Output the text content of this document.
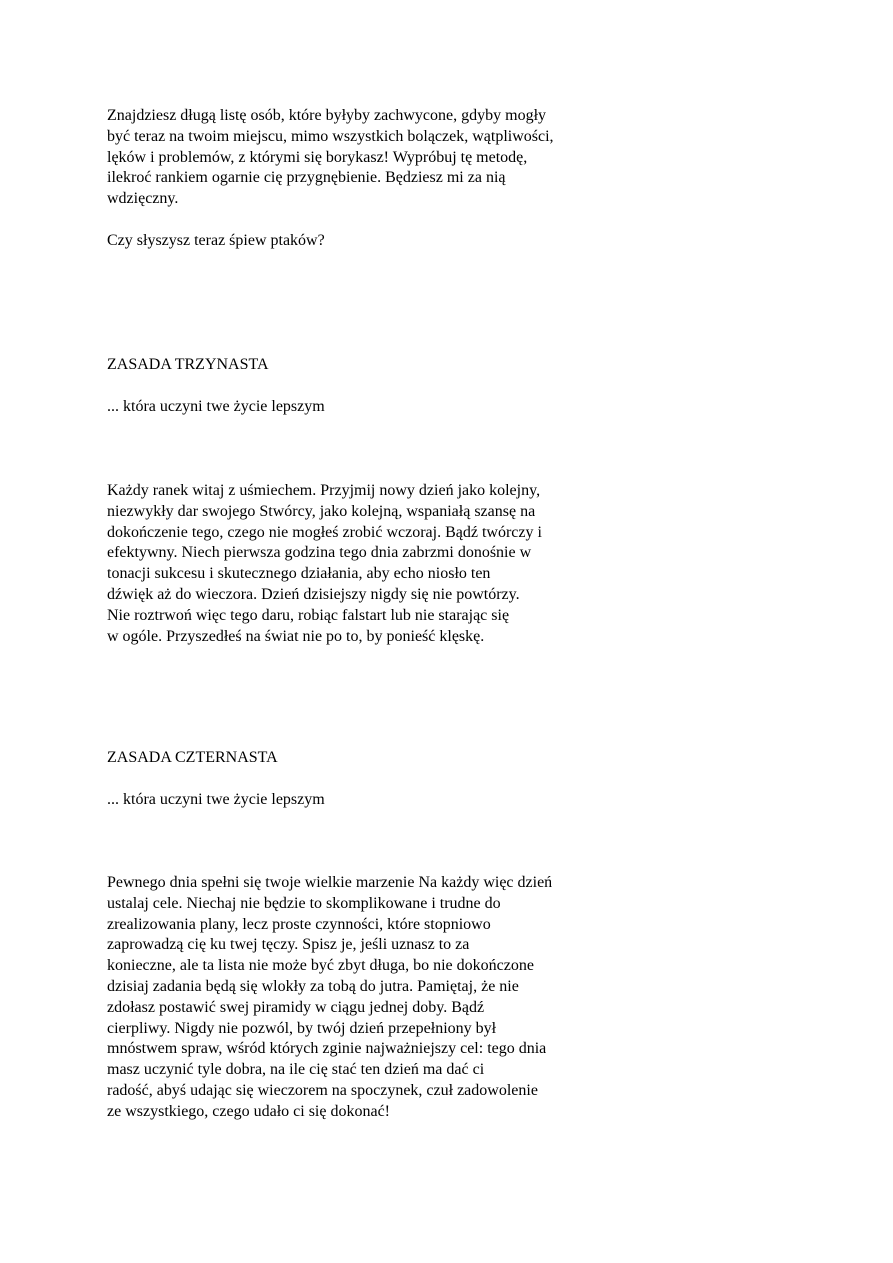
Znajdziesz długą listę osób, które byłyby zachwycone, gdyby mogły
być teraz na twoim miejscu, mimo wszystkich bolączek, wątpliwości,
lęków i problemów, z którymi się borykasz! Wypróbuj tę metodę,
ilekroć rankiem ogarnie cię przygnębienie. Będziesz mi za nią
wdzięczny.
Czy słyszysz teraz śpiew ptaków?
ZASADA TRZYNASTA
... która uczyni twe życie lepszym
Każdy ranek witaj z uśmiechem. Przyjmij nowy dzień jako kolejny,
niezwykły dar swojego Stwórcy, jako kolejną, wspaniałą szansę na
dokończenie tego, czego nie mogłeś zrobić wczoraj. Bądź twórczy i
efektywny. Niech pierwsza godzina tego dnia zabrzmi donośnie w
tonacji sukcesu i skutecznego działania, aby echo niosło ten
dźwięk aż do wieczora. Dzień dzisiejszy nigdy się nie powtórzy.
Nie roztrwoń więc tego daru, robiąc falstart lub nie starając się
w ogóle. Przyszedłeś na świat nie po to, by ponieść klęskę.
ZASADA CZTERNASTA
... która uczyni twe życie lepszym
Pewnego dnia spełni się twoje wielkie marzenie Na każdy więc dzień
ustalaj cele. Niechaj nie będzie to skomplikowane i trudne do
zrealizowania plany, lecz proste czynności, które stopniowo
zaprowadzą cię ku twej tęczy. Spisz je, jeśli uznasz to za
konieczne, ale ta lista nie może być zbyt długa, bo nie dokończone
dzisiaj zadania będą się wlokły za tobą do jutra. Pamiętaj, że nie
zdołasz postawić swej piramidy w ciągu jednej doby. Bądź
cierpliwy. Nigdy nie pozwól, by twój dzień przepełniony był
mnóstwem spraw, wśród których zginie najważniejszy cel: tego dnia
masz uczynić tyle dobra, na ile cię stać ten dzień ma dać ci
radość, abyś udając się wieczorem na spoczynek, czuł zadowolenie
ze wszystkiego, czego udało ci się dokonać!
